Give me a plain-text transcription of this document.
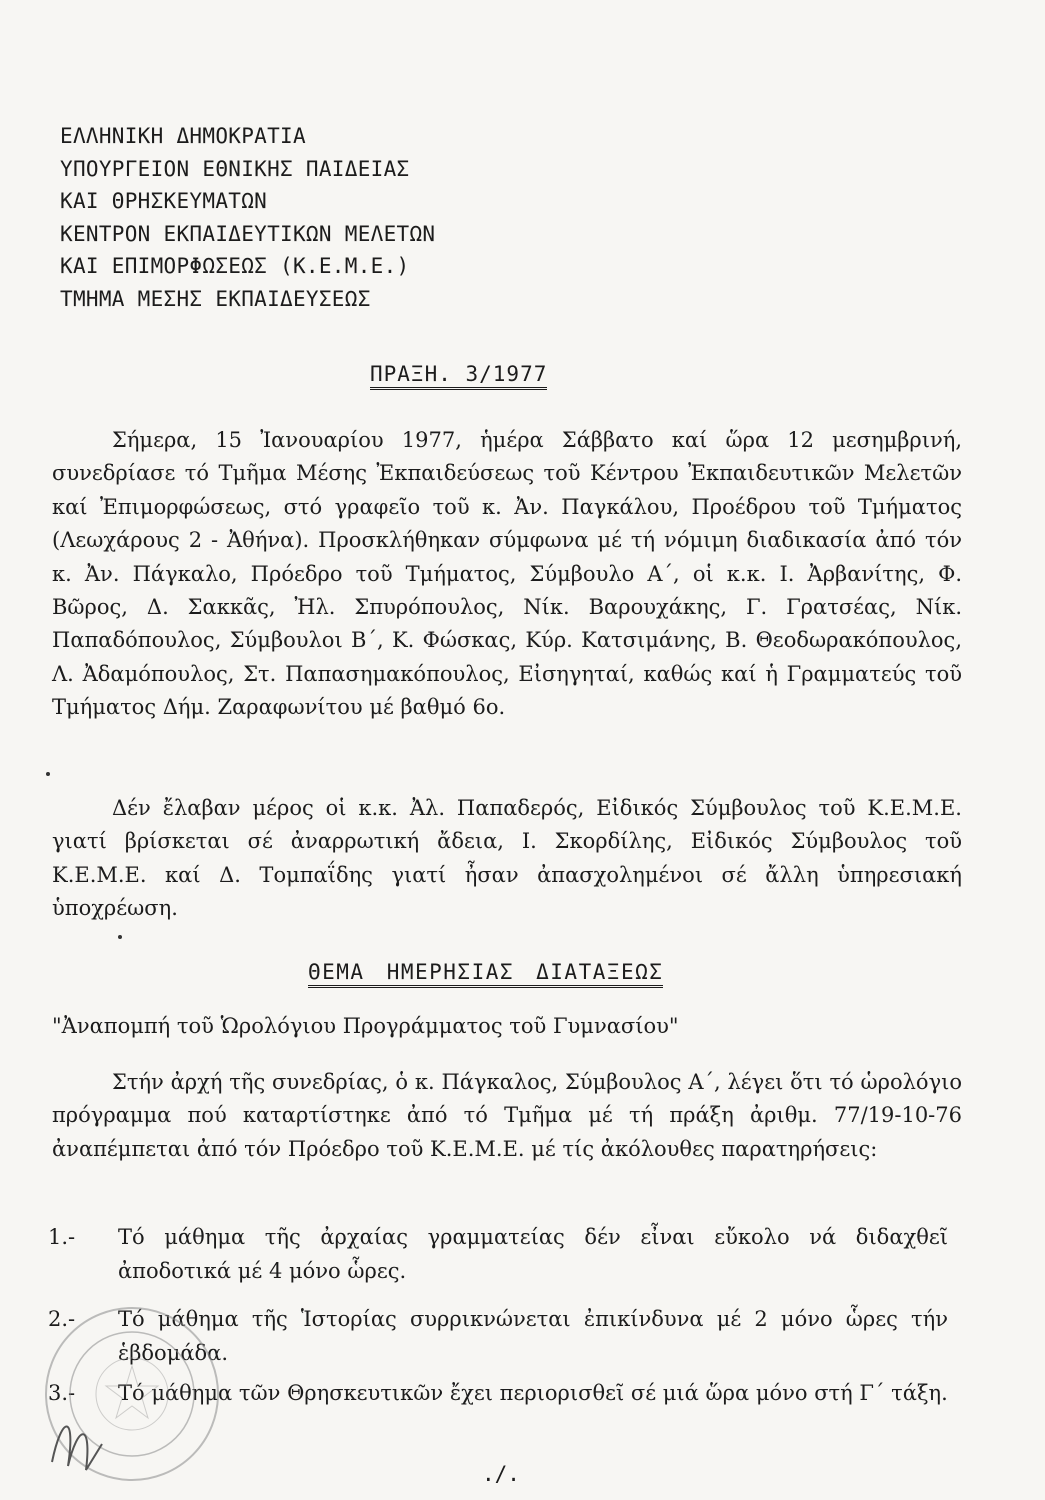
ΕΛΛΗΝΙΚΗ ΔΗΜΟΚΡΑΤΙΑ
ΥΠΟΥΡΓΕΙΟΝ ΕΘΝΙΚΗΣ ΠΑΙΔΕΙΑΣ
ΚΑΙ ΘΡΗΣΚΕΥΜΑΤΩΝ
ΚΕΝΤΡΟΝ ΕΚΠΑΙΔΕΥΤΙΚΩΝ ΜΕΛΕΤΩΝ
ΚΑΙ ΕΠΙΜΟΡΦΩΣΕΩΣ (Κ.Ε.Μ.Ε.)
ΤΜΗΜΑ ΜΕΣΗΣ ΕΚΠΑΙΔΕΥΣΕΩΣ
ΠΡΑΞΗ. 3/1977
Σήμερα, 15 Ἰανουαρίου 1977, ἡμέρα Σάββατο καί ὥρα 12 μεσημβρινή, συνεδρίασε τό Τμῆμα Μέσης Ἐκπαιδεύσεως τοῦ Κέντρου Ἐκπαιδευτικῶν Μελετῶν καί Ἐπιμορφώσεως, στό γραφεῖο τοῦ κ. Ἀν. Παγκάλου, Προέδρου τοῦ Τμήματος (Λεωχάρους 2 - Ἀθήνα). Προσκλήθηκαν σύμφωνα μέ τή νόμιμη διαδικασία ἀπό τόν κ. Ἀν. Πάγκαλο, Πρόεδρο τοῦ Τμήματος, Σύμβουλο Α΄, οἱ κ.κ. Ι. Ἀρβανίτης, Φ. Βῶρος, Δ. Σακκᾶς, Ἠλ. Σπυρόπουλος, Νίκ. Βαρουχάκης, Γ. Γρατσέας, Νίκ. Παπαδόπουλος, Σύμβουλοι Β΄, Κ. Φώσκας, Κύρ. Κατσιμάνης, Β. Θεοδωρακόπουλος, Λ. Ἀδαμόπουλος, Στ. Παπασημακόπουλος, Εἰσηγηταί, καθώς καί ἡ Γραμματεύς τοῦ Τμήματος Δήμ. Ζαραφωνίτου μέ βαθμό 6ο.
Δέν ἔλαβαν μέρος οἱ κ.κ. Ἀλ. Παπαδερός, Εἰδικός Σύμβουλος τοῦ Κ.Ε.Μ.Ε. γιατί βρίσκεται σέ ἀναρρωτική ἄδεια, Ι. Σκορδίλης, Εἰδικός Σύμβουλος τοῦ Κ.Ε.Μ.Ε. καί Δ. Τομπαΐδης γιατί ἦσαν ἀπασχολημένοι σέ ἄλλη ὑπηρεσιακή ὑποχρέωση.
ΘΕΜΑ ΗΜΕΡΗΣΙΑΣ ΔΙΑΤΑΞΕΩΣ
"Ἀναπομπή τοῦ Ὡρολόγιου Προγράμματος τοῦ Γυμνασίου"
Στήν ἀρχή τῆς συνεδρίας, ὁ κ. Πάγκαλος, Σύμβουλος Α΄, λέγει ὅτι τό ὡρολόγιο πρόγραμμα πού καταρτίστηκε ἀπό τό Τμῆμα μέ τή πράξη ἀριθμ. 77/19-10-76 ἀναπέμπεται ἀπό τόν Πρόεδρο τοῦ Κ.Ε.Μ.Ε. μέ τίς ἀκόλουθες παρατηρήσεις:
1.-	Τό μάθημα τῆς ἀρχαίας γραμματείας δέν εἶναι εὔκολο νά διδαχθεῖ ἀποδοτικά μέ 4 μόνο ὧρες.
2.-	Τό μάθημα τῆς Ἱστορίας συρρικνώνεται ἐπικίνδυνα μέ 2 μόνο ὧρες τήν ἑβδομάδα.
3.-	Τό μάθημα τῶν Θρησκευτικῶν ἔχει περιορισθεῖ σέ μιά ὥρα μόνο στή Γ΄ τάξη.
./.
